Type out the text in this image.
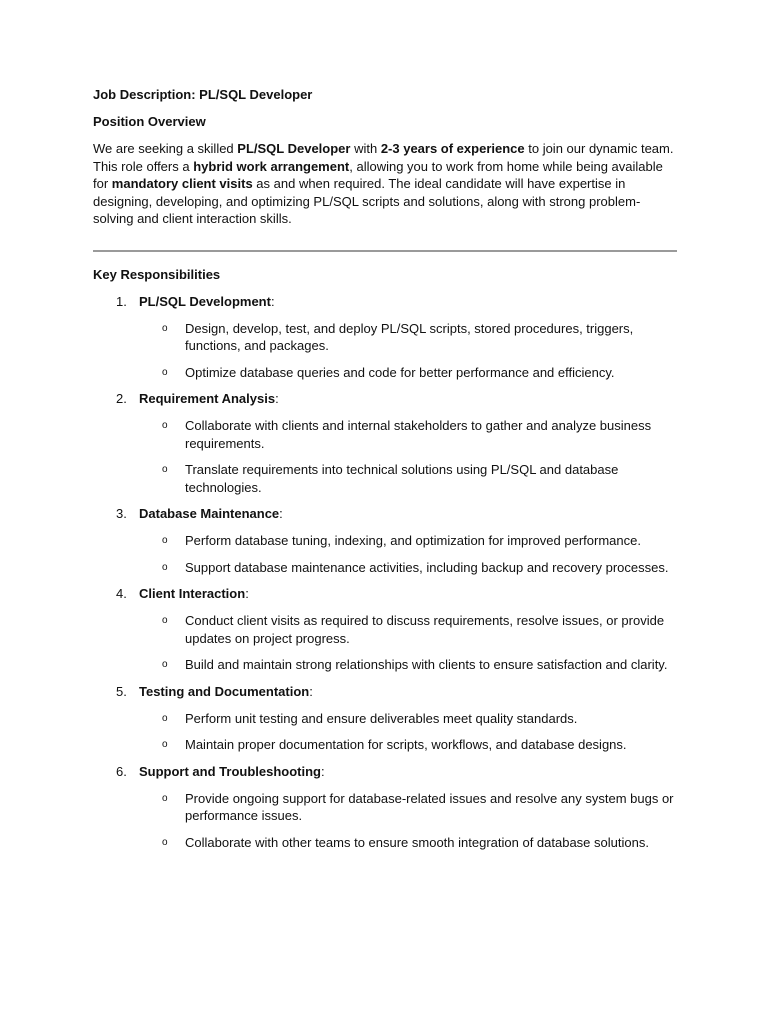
Job Description: PL/SQL Developer
Position Overview

We are seeking a skilled PL/SQL Developer with 2-3 years of experience to join our dynamic team. This role offers a hybrid work arrangement, allowing you to work from home while being available for mandatory client visits as and when required. The ideal candidate will have expertise in designing, developing, and optimizing PL/SQL scripts and solutions, along with strong problem-solving and client interaction skills.

Key Responsibilities
1. PL/SQL Development:
o Design, develop, test, and deploy PL/SQL scripts, stored procedures, triggers, functions, and packages.
o Optimize database queries and code for better performance and efficiency.
2. Requirement Analysis:
o Collaborate with clients and internal stakeholders to gather and analyze business requirements.
o Translate requirements into technical solutions using PL/SQL and database technologies.
3. Database Maintenance:
o Perform database tuning, indexing, and optimization for improved performance.
o Support database maintenance activities, including backup and recovery processes.
4. Client Interaction:
o Conduct client visits as required to discuss requirements, resolve issues, or provide updates on project progress.
o Build and maintain strong relationships with clients to ensure satisfaction and clarity.
5. Testing and Documentation:
o Perform unit testing and ensure deliverables meet quality standards.
o Maintain proper documentation for scripts, workflows, and database designs.
6. Support and Troubleshooting:
o Provide ongoing support for database-related issues and resolve any system bugs or performance issues.
o Collaborate with other teams to ensure smooth integration of database solutions.
